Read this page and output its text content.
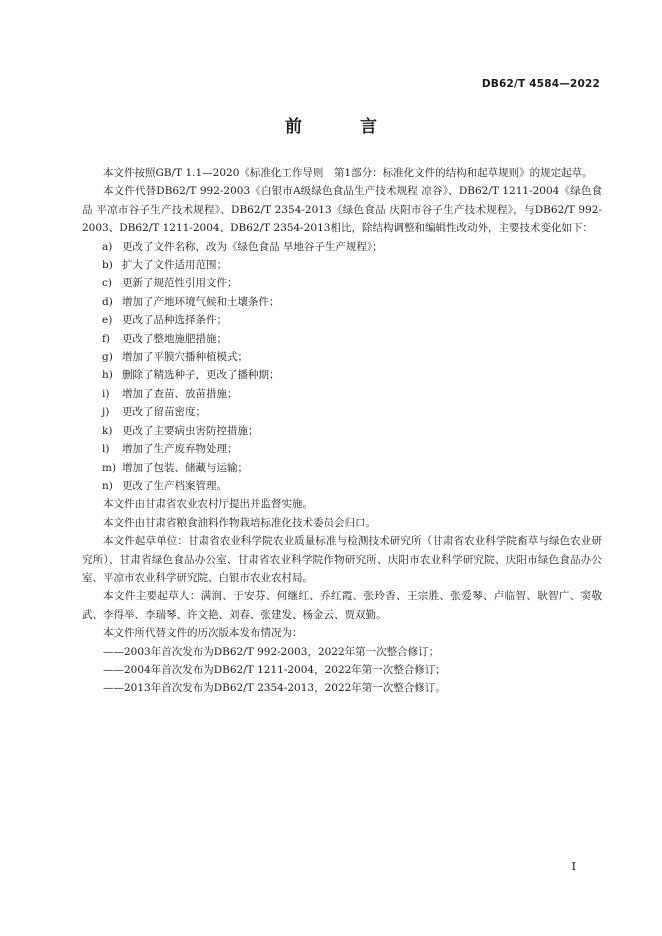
DB62/T 4584—2022
前 言

本文件按照GB/T 1.1—2020《标准化工作导则　第1部分：标准化文件的结构和起草规则》的规定起草。

本文件代替DB62/T 992-2003《白银市A级绿色食品生产技术规程 凉谷》、DB62/T 1211-2004《绿色食品 平凉市谷子生产技术规程》、DB62/T 2354-2013《绿色食品 庆阳市谷子生产技术规程》，与DB62/T 992-2003、DB62/T 1211-2004、DB62/T 2354-2013相比，除结构调整和编辑性改动外，主要技术变化如下：

a) 更改了文件名称，改为《绿色食品 旱地谷子生产规程》；
b) 扩大了文件适用范围；
c) 更新了规范性引用文件；
d) 增加了产地环境气候和土壤条件；
e) 更改了品种选择条件；
f)	更改了整地施肥措施；
g) 增加了平膜穴播种植模式；
h) 删除了精选种子，更改了播种期；
i)	增加了查苗、放苗措施；
j)	更改了留苗密度；
k) 更改了主要病虫害防控措施；
l)	增加了生产废弃物处理；
m) 增加了包装、储藏与运输；
n) 更改了生产档案管理。

本文件由甘肃省农业农村厅提出并监督实施。

本文件由甘肃省粮食油料作物栽培标准化技术委员会归口。

本文件起草单位：甘肃省农业科学院农业质量标准与检测技术研究所（甘肃省农业科学院畜草与绿色农业研究所）、甘肃省绿色食品办公室、甘肃省农业科学院作物研究所、庆阳市农业科学研究院、庆阳市绿色食品办公室、平凉市农业科学研究院、白银市农业农村局。

本文件主要起草人：满润、于安芬、何继红、乔红霞、张玲香、王宗胜、张爱琴、卢临智、耿智广、窦敬武、李得举、李瑞琴、许文艳、刘春、张建发、杨金云、贾双勤。

本文件所代替文件的历次版本发布情况为：

——2003年首次发布为DB62/T 992-2003，2022年第一次整合修订；
——2004年首次发布为DB62/T 1211-2004，2022年第一次整合修订；
——2013年首次发布为DB62/T 2354-2013，2022年第一次整合修订。
I
